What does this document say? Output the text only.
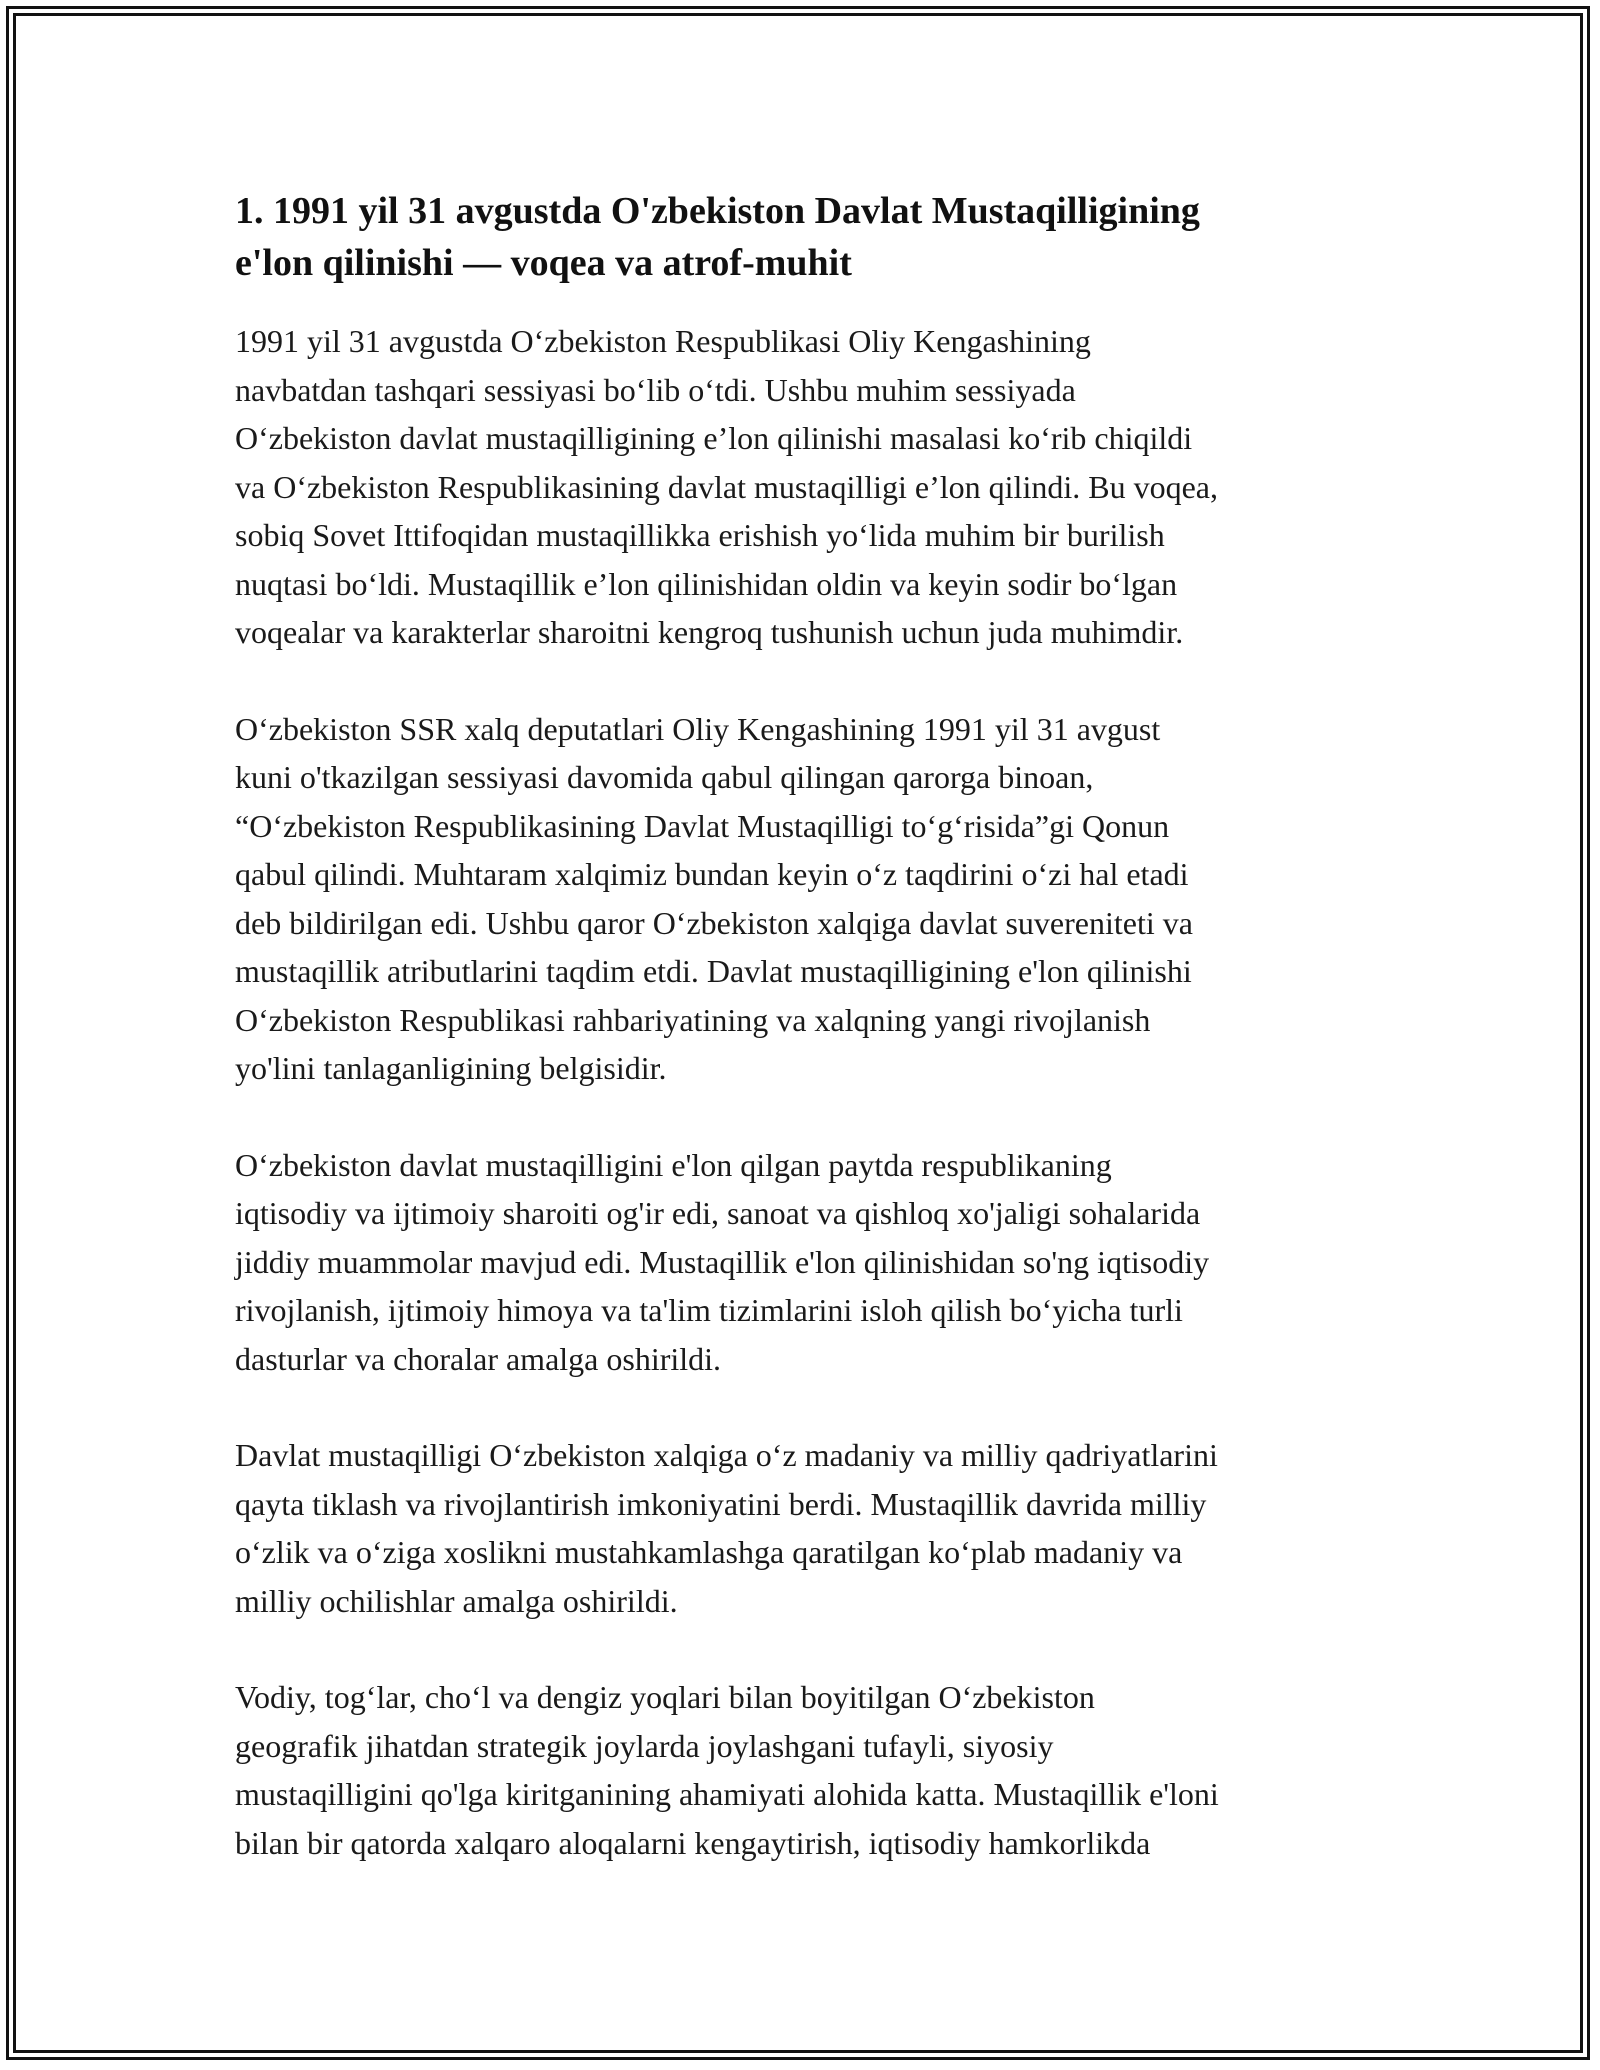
1. 1991 yil 31 avgustda O'zbekiston Davlat Mustaqilligining
e'lon qilinishi — voqea va atrof-muhit

1991 yil 31 avgustda O‘zbekiston Respublikasi Oliy Kengashining
navbatdan tashqari sessiyasi bo‘lib o‘tdi. Ushbu muhim sessiyada
O‘zbekiston davlat mustaqilligining e’lon qilinishi masalasi ko‘rib chiqildi
va O‘zbekiston Respublikasining davlat mustaqilligi e’lon qilindi. Bu voqea,
sobiq Sovet Ittifoqidan mustaqillikka erishish yo‘lida muhim bir burilish
nuqtasi bo‘ldi. Mustaqillik e’lon qilinishidan oldin va keyin sodir bo‘lgan
voqealar va karakterlar sharoitni kengroq tushunish uchun juda muhimdir.

O‘zbekiston SSR xalq deputatlari Oliy Kengashining 1991 yil 31 avgust
kuni o'tkazilgan sessiyasi davomida qabul qilingan qarorga binoan,
“O‘zbekiston Respublikasining Davlat Mustaqilligi to‘g‘risida”gi Qonun
qabul qilindi. Muhtaram xalqimiz bundan keyin o‘z taqdirini o‘zi hal etadi
deb bildirilgan edi. Ushbu qaror O‘zbekiston xalqiga davlat suvereniteti va
mustaqillik atributlarini taqdim etdi. Davlat mustaqilligining e'lon qilinishi
O‘zbekiston Respublikasi rahbariyatining va xalqning yangi rivojlanish
yo'lini tanlaganligining belgisidir.

O‘zbekiston davlat mustaqilligini e'lon qilgan paytda respublikaning
iqtisodiy va ijtimoiy sharoiti og'ir edi, sanoat va qishloq xo'jaligi sohalarida
jiddiy muammolar mavjud edi. Mustaqillik e'lon qilinishidan so'ng iqtisodiy
rivojlanish, ijtimoiy himoya va ta'lim tizimlarini isloh qilish bo‘yicha turli
dasturlar va choralar amalga oshirildi.

Davlat mustaqilligi O‘zbekiston xalqiga o‘z madaniy va milliy qadriyatlarini
qayta tiklash va rivojlantirish imkoniyatini berdi. Mustaqillik davrida milliy
o‘zlik va o‘ziga xoslikni mustahkamlashga qaratilgan ko‘plab madaniy va
milliy ochilishlar amalga oshirildi.

Vodiy, tog‘lar, cho‘l va dengiz yoqlari bilan boyitilgan O‘zbekiston
geografik jihatdan strategik joylarda joylashgani tufayli, siyosiy
mustaqilligini qo'lga kiritganining ahamiyati alohida katta. Mustaqillik e'loni
bilan bir qatorda xalqaro aloqalarni kengaytirish, iqtisodiy hamkorlikda
